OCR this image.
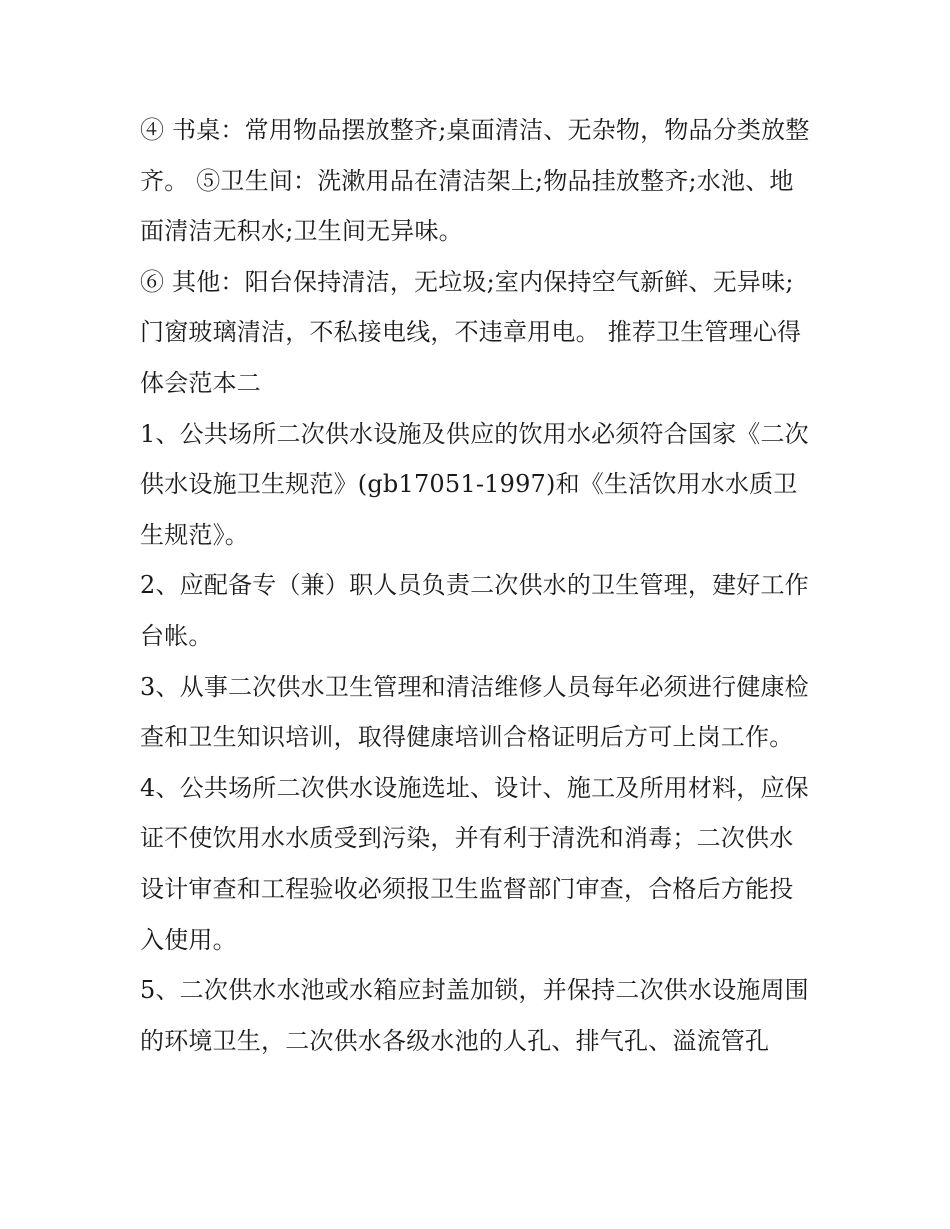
④ 书桌：常用物品摆放整齐;桌面清洁、无杂物，物品分类放整齐。 ⑤卫生间：洗漱用品在清洁架上;物品挂放整齐;水池、地面清洁无积水;卫生间无异味。

⑥ 其他：阳台保持清洁，无垃圾;室内保持空气新鲜、无异味;门窗玻璃清洁，不私接电线，不违章用电。 推荐卫生管理心得体会范本二

1、公共场所二次供水设施及供应的饮用水必须符合国家《二次供水设施卫生规范》(gb17051-1997)和《生活饮用水水质卫生规范》。

2、应配备专（兼）职人员负责二次供水的卫生管理，建好工作台帐。

3、从事二次供水卫生管理和清洁维修人员每年必须进行健康检查和卫生知识培训，取得健康培训合格证明后方可上岗工作。

4、公共场所二次供水设施选址、设计、施工及所用材料，应保证不使饮用水水质受到污染，并有利于清洗和消毒；二次供水设计审查和工程验收必须报卫生监督部门审查，合格后方能投入使用。

5、二次供水水池或水箱应封盖加锁，并保持二次供水设施周围的环境卫生，二次供水各级水池的人孔、排气孔、溢流管孔
